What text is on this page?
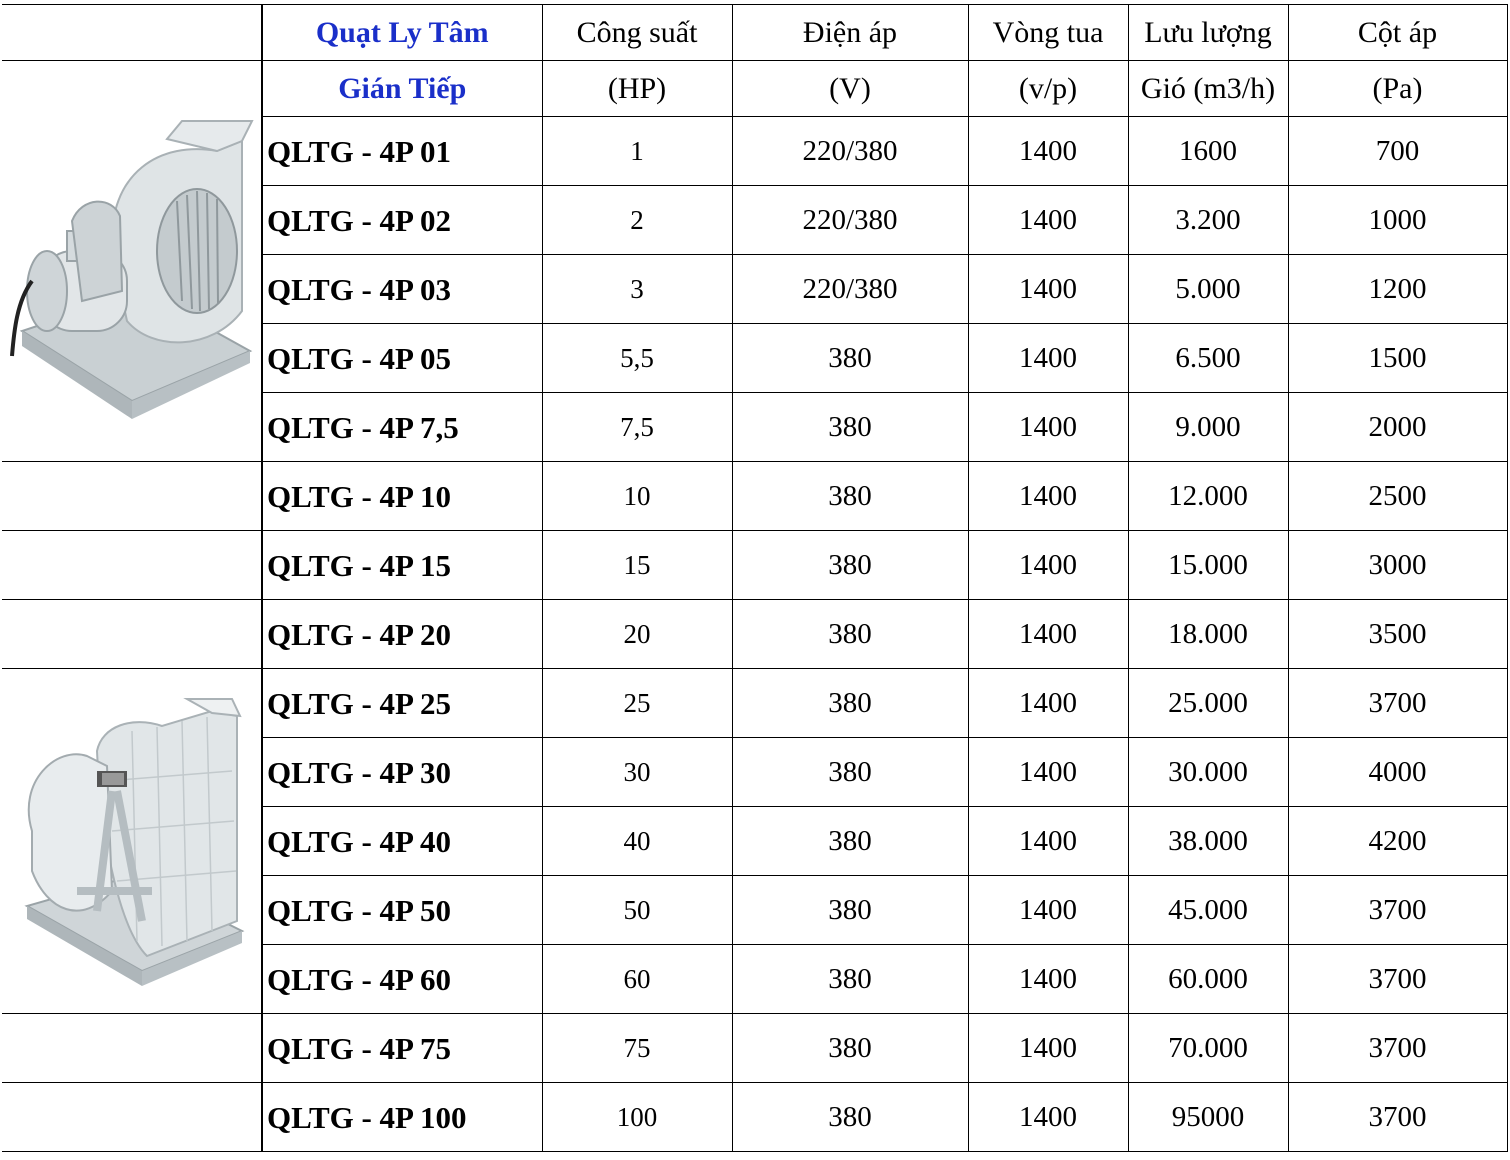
	Quạt Ly Tâm	Công suất	Điện áp	Vòng tua	Lưu lượng	Cột áp

	Gián Tiếp	(HP)	(V)	(v/p)	Gió (m3/h)	(Pa)
	QLTG - 4P 01	1	220/380	1400	1600	700
	QLTG - 4P 02	2	220/380	1400	3.200	1000
	QLTG - 4P 03	3	220/380	1400	5.000	1200
	QLTG - 4P 05	5,5	380	1400	6.500	1500
	QLTG - 4P 7,5	7,5	380	1400	9.000	2000
	QLTG - 4P 10	10	380	1400	12.000	2500
	QLTG - 4P 15	15	380	1400	15.000	3000
	QLTG - 4P 20	20	380	1400	18.000	3500

	QLTG - 4P 25	25	380	1400	25.000	3700
	QLTG - 4P 30	30	380	1400	30.000	4000
	QLTG - 4P 40	40	380	1400	38.000	4200
	QLTG - 4P 50	50	380	1400	45.000	3700
	QLTG - 4P 60	60	380	1400	60.000	3700
	QLTG - 4P 75	75	380	1400	70.000	3700
	QLTG - 4P 100	100	380	1400	95000	3700
